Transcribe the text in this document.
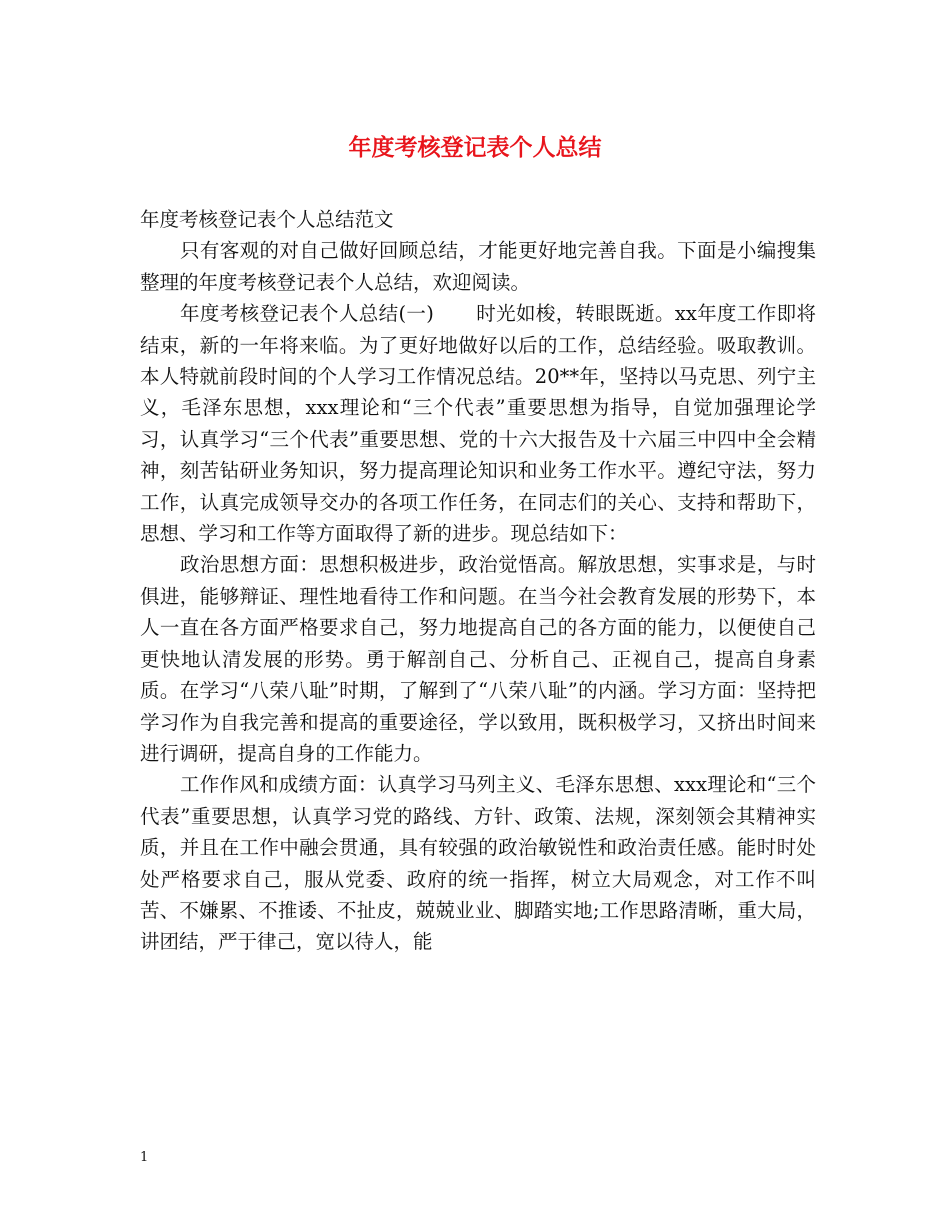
年度考核登记表个人总结

年度考核登记表个人总结范文

只有客观的对自己做好回顾总结，才能更好地完善自我。下面是小编搜集整理的年度考核登记表个人总结，欢迎阅读。

年度考核登记表个人总结(一) 时光如梭，转眼既逝。xx年度工作即将结束，新的一年将来临。为了更好地做好以后的工作，总结经验。吸取教训。本人特就前段时间的个人学习工作情况总结。20**年，坚持以马克思、列宁主义，毛泽东思想，xxx理论和“三个代表”重要思想为指导，自觉加强理论学习，认真学习“三个代表”重要思想、党的十六大报告及十六届三中四中全会精神，刻苦钻研业务知识，努力提高理论知识和业务工作水平。遵纪守法，努力工作，认真完成领导交办的各项工作任务，在同志们的关心、支持和帮助下，思想、学习和工作等方面取得了新的进步。现总结如下：

政治思想方面：思想积极进步，政治觉悟高。解放思想，实事求是，与时俱进，能够辩证、理性地看待工作和问题。在当今社会教育发展的形势下，本人一直在各方面严格要求自己，努力地提高自己的各方面的能力，以便使自己更快地认清发展的形势。勇于解剖自己、分析自己、正视自己，提高自身素质。在学习“八荣八耻”时期，了解到了“八荣八耻”的内涵。学习方面：坚持把学习作为自我完善和提高的重要途径，学以致用，既积极学习，又挤出时间来进行调研，提高自身的工作能力。

工作作风和成绩方面：认真学习马列主义、毛泽东思想、xxx理论和“三个代表”重要思想，认真学习党的路线、方针、政策、法规，深刻领会其精神实质，并且在工作中融会贯通，具有较强的政治敏锐性和政治责任感。能时时处处严格要求自己，服从党委、政府的统一指挥，树立大局观念，对工作不叫苦、不嫌累、不推诿、不扯皮，兢兢业业、脚踏实地;工作思路清晰，重大局，讲团结，严于律己，宽以待人，能

1
